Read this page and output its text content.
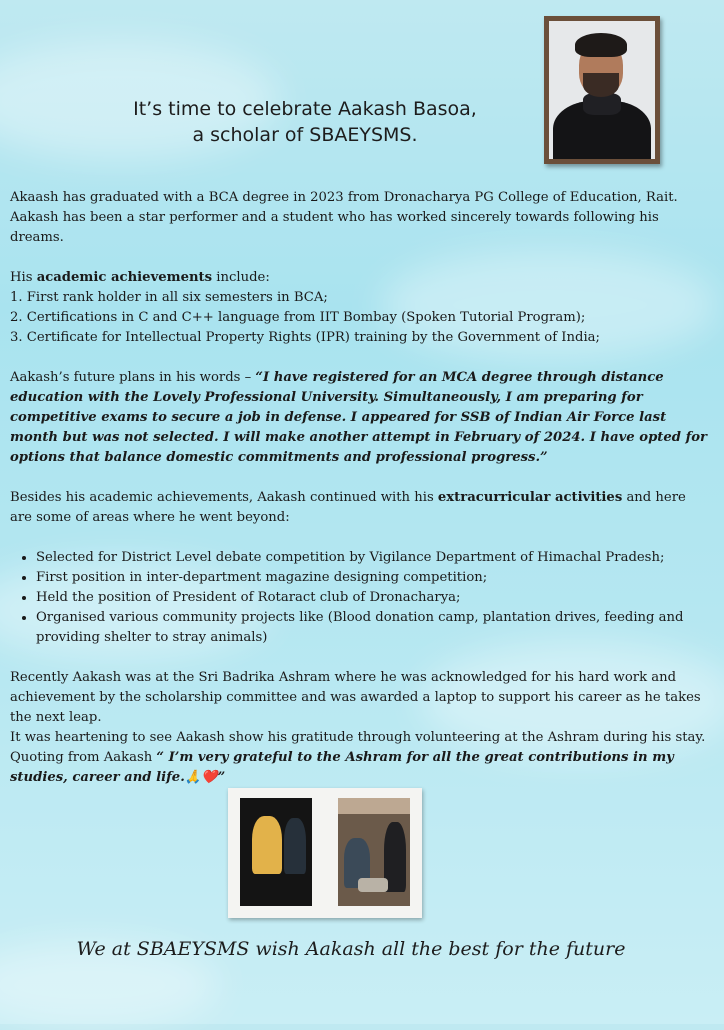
It’s time to celebrate Aakash Basoa,
a scholar of SBAEYSMS.

Akaash has graduated with a BCA degree in 2023 from Dronacharya PG College of Education, Rait.

Aakash has been a star performer and a student who has worked sincerely towards following his dreams.

His academic achievements include:

1. First rank holder in all six semesters in BCA;

2. Certifications in C and C++ language from IIT Bombay (Spoken Tutorial Program);

3. Certificate for Intellectual Property Rights (IPR) training by the Government of India;

Aakash’s future plans in his words – “I have registered for an MCA degree through distance education with the Lovely Professional University. Simultaneously, I am preparing for competitive exams to secure a job in defense. I appeared for SSB of Indian Air Force last month but was not selected. I will make another attempt in February of 2024. I have opted for options that balance domestic commitments and professional progress.”

Besides his academic achievements, Aakash continued with his extracurricular activities and here are some of areas where he went beyond:

• Selected for District Level debate competition by Vigilance Department of Himachal Pradesh;
• First position in inter-department magazine designing competition;
• Held the position of President of Rotaract club of Dronacharya;
• Organised various community projects like (Blood donation camp, plantation drives, feeding and providing shelter to stray animals)

Recently Aakash was at the Sri Badrika Ashram where he was acknowledged for his hard work and achievement by the scholarship committee and was awarded a laptop to support his career as he takes the next leap.

It was heartening to see Aakash show his gratitude through volunteering at the Ashram during his stay.

Quoting from Aakash “ I’m very grateful to the Ashram for all the great contributions in my studies, career and life.🙏❤️”

We at SBAEYSMS wish Aakash all the best for the future
